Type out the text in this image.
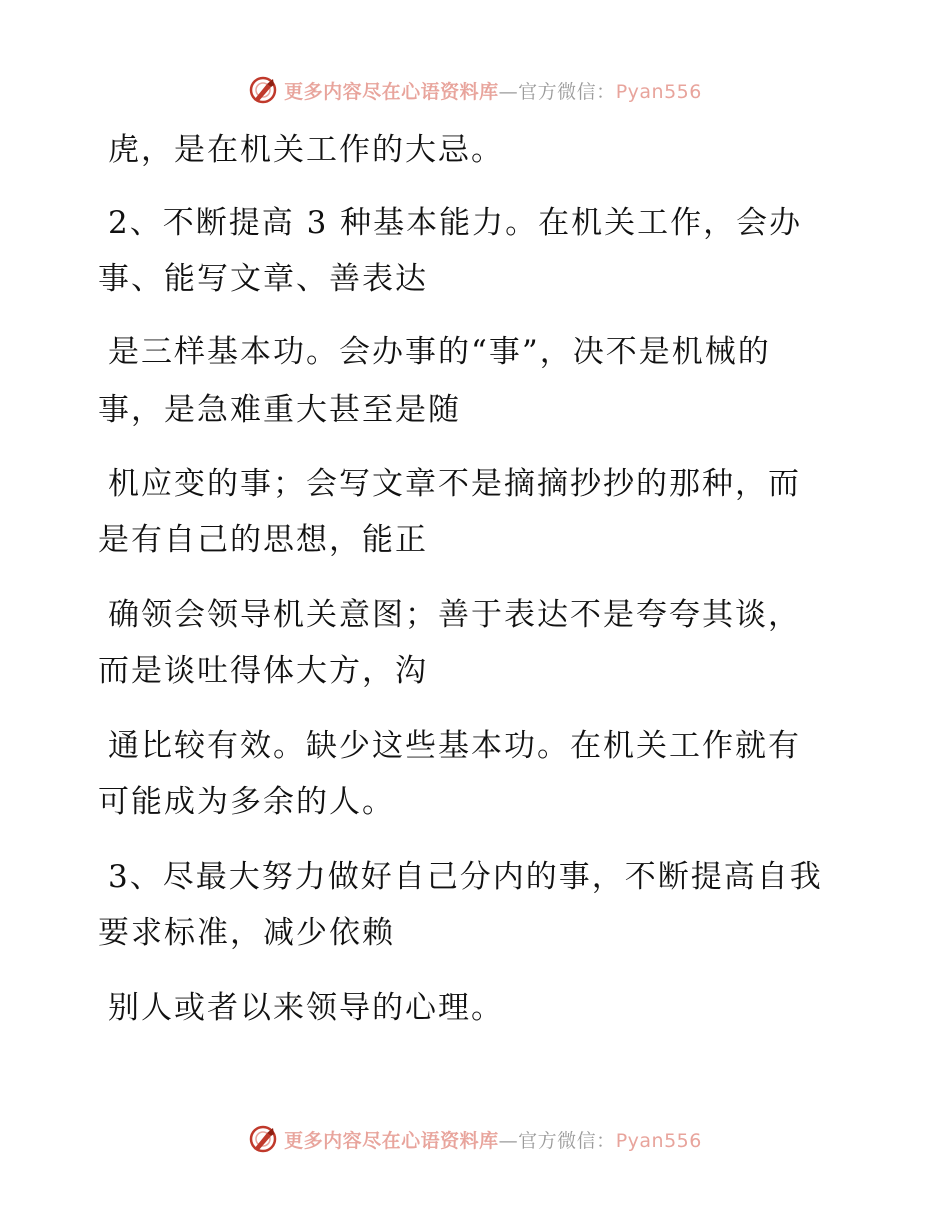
更多内容尽在心语资料库—官方微信：Pyan556
虎，是在机关工作的大忌。
2、不断提高 3 种基本能力。在机关工作，会办
事、能写文章、善表达
是三样基本功。会办事的“事”，决不是机械的
事，是急难重大甚至是随
机应变的事；会写文章不是摘摘抄抄的那种，而
是有自己的思想，能正
确领会领导机关意图；善于表达不是夸夸其谈，
而是谈吐得体大方，沟
通比较有效。缺少这些基本功。在机关工作就有
可能成为多余的人。
3、尽最大努力做好自己分内的事，不断提高自我
要求标准，减少依赖
别人或者以来领导的心理。
更多内容尽在心语资料库—官方微信：Pyan556
